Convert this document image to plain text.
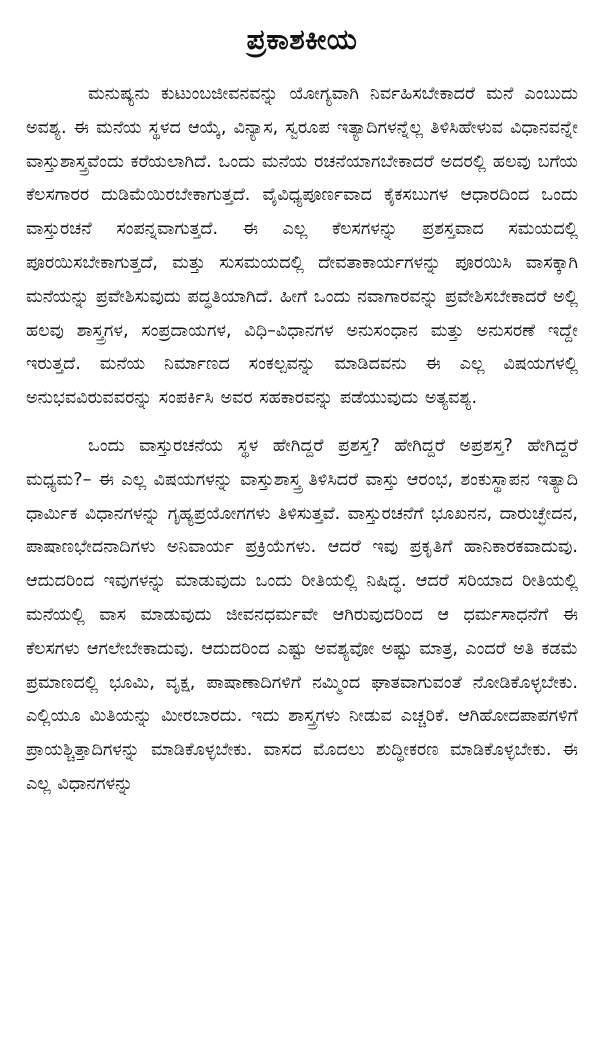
ಪ್ರಕಾಶಕೀಯ

ಮನುಷ್ಯನು ಕುಟುಂಬಜೀವನವನ್ನು ಯೋಗ್ಯವಾಗಿ ನಿರ್ವಹಿಸಬೇಕಾದರೆ ಮನೆ ಎಂಬುದು ಅವಶ್ಯ. ಈ ಮನೆಯ ಸ್ಥಳದ ಆಯ್ಕೆ, ವಿನ್ಯಾಸ, ಸ್ವರೂಪ ಇತ್ಯಾದಿಗಳನ್ನೆಲ್ಲ ತಿಳಿಸಿಹೇಳುವ ವಿಧಾನವನ್ನೇ ವಾಸ್ತುಶಾಸ್ತ್ರವೆಂದು ಕರೆಯಲಾಗಿದೆ. ಒಂದು ಮನೆಯ ರಚನೆಯಾಗಬೇಕಾದರೆ ಅದರಲ್ಲಿ ಹಲವು ಬಗೆಯ ಕೆಲಸಗಾರರ ದುಡಿಮೆಯಿರಬೇಕಾಗುತ್ತದೆ. ವೈವಿಧ್ಯಪೂರ್ಣವಾದ ಕೈಕಸಬುಗಳ ಆಧಾರದಿಂದ ಒಂದು ವಾಸ್ತುರಚನೆ ಸಂಪನ್ನವಾಗುತ್ತದೆ. ಈ ಎಲ್ಲ ಕೆಲಸಗಳನ್ನು ಪ್ರಶಸ್ತವಾದ ಸಮಯದಲ್ಲಿ ಪೂರಯಿಸಬೇಕಾಗುತ್ತದೆ, ಮತ್ತು ಸುಸಮಯದಲ್ಲಿ ದೇವತಾಕಾರ್ಯಗಳನ್ನು ಪೂರಯಿಸಿ ವಾಸಕ್ಕಾಗಿ ಮನೆಯನ್ನು ಪ್ರವೇಶಿಸುವುದು ಪದ್ಧತಿಯಾಗಿದೆ. ಹೀಗೆ ಒಂದು ನವಾಗಾರವನ್ನು ಪ್ರವೇಶಿಸಬೇಕಾದರೆ ಅಲ್ಲಿ ಹಲವು ಶಾಸ್ತ್ರಗಳ, ಸಂಪ್ರದಾಯಗಳ, ವಿಧಿ–ವಿಧಾನಗಳ ಅನುಸಂಧಾನ ಮತ್ತು ಅನುಸರಣೆ ಇದ್ದೇ ಇರುತ್ತದೆ. ಮನೆಯ ನಿರ್ಮಾಣದ ಸಂಕಲ್ಪವನ್ನು ಮಾಡಿದವನು ಈ ಎಲ್ಲ ವಿಷಯಗಳಲ್ಲಿ ಅನುಭವವಿರುವವರನ್ನು ಸಂಪರ್ಕಿಸಿ ಅವರ ಸಹಕಾರವನ್ನು ಪಡೆಯುವುದು ಅತ್ಯವಶ್ಯ.

ಒಂದು ವಾಸ್ತುರಚನೆಯ ಸ್ಥಳ ಹೇಗಿದ್ದರೆ ಪ್ರಶಸ್ತ? ಹೇಗಿದ್ದರೆ ಅಪ್ರಶಸ್ತ? ಹೇಗಿದ್ದರೆ ಮಧ್ಯಮ?– ಈ ಎಲ್ಲ ವಿಷಯಗಳನ್ನು ವಾಸ್ತುಶಾಸ್ತ್ರ ತಿಳಿಸಿದರೆ ವಾಸ್ತು ಆರಂಭ, ಶಂಕುಸ್ಥಾಪನ ಇತ್ಯಾದಿ ಧಾರ್ಮಿಕ ವಿಧಾನಗಳನ್ನು ಗೃಹ್ಯಪ್ರಯೋಗಗಳು ತಿಳಿಸುತ್ತವೆ. ವಾಸ್ತುರಚನೆಗೆ ಭೂಖನನ, ದಾರುಚ್ಛೇದನ, ಪಾಷಾಣಭೇದನಾದಿಗಳು ಅನಿವಾರ್ಯ ಪ್ರಕ್ರಿಯೆಗಳು. ಆದರೆ ಇವು ಪ್ರಕೃತಿಗೆ ಹಾನಿಕಾರಕವಾದುವು. ಆದುದರಿಂದ ಇವುಗಳನ್ನು ಮಾಡುವುದು ಒಂದು ರೀತಿಯಲ್ಲಿ ನಿಷಿದ್ಧ. ಆದರೆ ಸರಿಯಾದ ರೀತಿಯಲ್ಲಿ ಮನೆಯಲ್ಲಿ ವಾಸ ಮಾಡುವುದು ಜೀವನಧರ್ಮವೇ ಆಗಿರುವುದರಿಂದ ಆ ಧರ್ಮಸಾಧನೆಗೆ ಈ ಕೆಲಸಗಳು ಆಗಲೇಬೇಕಾದುವು. ಆದುದರಿಂದ ಎಷ್ಟು ಅವಶ್ಯವೋ ಅಷ್ಟು ಮಾತ್ರ, ಎಂದರೆ ಅತಿ ಕಡಮೆ ಪ್ರಮಾಣದಲ್ಲಿ ಭೂಮಿ, ವೃಕ್ಷ, ಪಾಷಾಣಾದಿಗಳಿಗೆ ನಮ್ಮಿಂದ ಘಾತವಾಗುವಂತೆ ನೋಡಿಕೊಳ್ಳಬೇಕು. ಎಲ್ಲಿಯೂ ಮಿತಿಯನ್ನು ಮೀರಬಾರದು. ಇದು ಶಾಸ್ತ್ರಗಳು ನೀಡುವ ಎಚ್ಚರಿಕೆ. ಆಗಿಹೋದಪಾಪಗಳಿಗೆ ಪ್ರಾಯಶ್ಚಿತ್ತಾದಿಗಳನ್ನು ಮಾಡಿಕೊಳ್ಳಬೇಕು. ವಾಸದ ಮೊದಲು ಶುದ್ಧೀಕರಣ ಮಾಡಿಕೊಳ್ಳಬೇಕು. ಈ ಎಲ್ಲ ವಿಧಾನಗಳನ್ನು
